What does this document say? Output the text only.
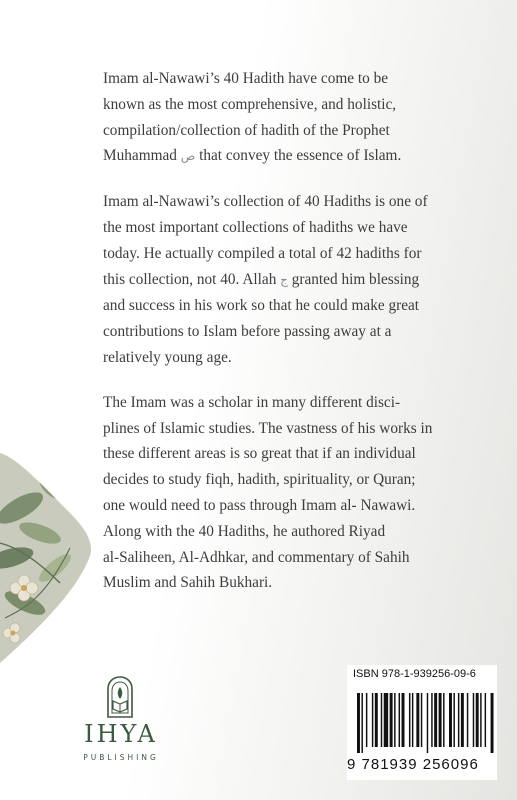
Imam al-Nawawi’s 40 Hadith have come to be
known as the most comprehensive, and holistic,
compilation/collection of hadith of the Prophet
Muhammad ص that convey the essence of Islam.

Imam al-Nawawi’s collection of 40 Hadiths is one of
the most important collections of hadiths we have
today. He actually compiled a total of 42 hadiths for
this collection, not 40. Allah ج granted him blessing
and success in his work so that he could make great
contributions to Islam before passing away at a
relatively young age.

The Imam was a scholar in many different disci-
plines of Islamic studies. The vastness of his works in
these different areas is so great that if an individual
decides to study fiqh, hadith, spirituality, or Quran;
one would need to pass through Imam al- Nawawi.
Along with the 40 Hadiths, he authored Riyad
al-Saliheen, Al-Adhkar, and commentary of Sahih
Muslim and Sahih Bukhari.

IHYA
PUBLISHING
ISBN 978-1-939256-09-6
9 781939 256096
